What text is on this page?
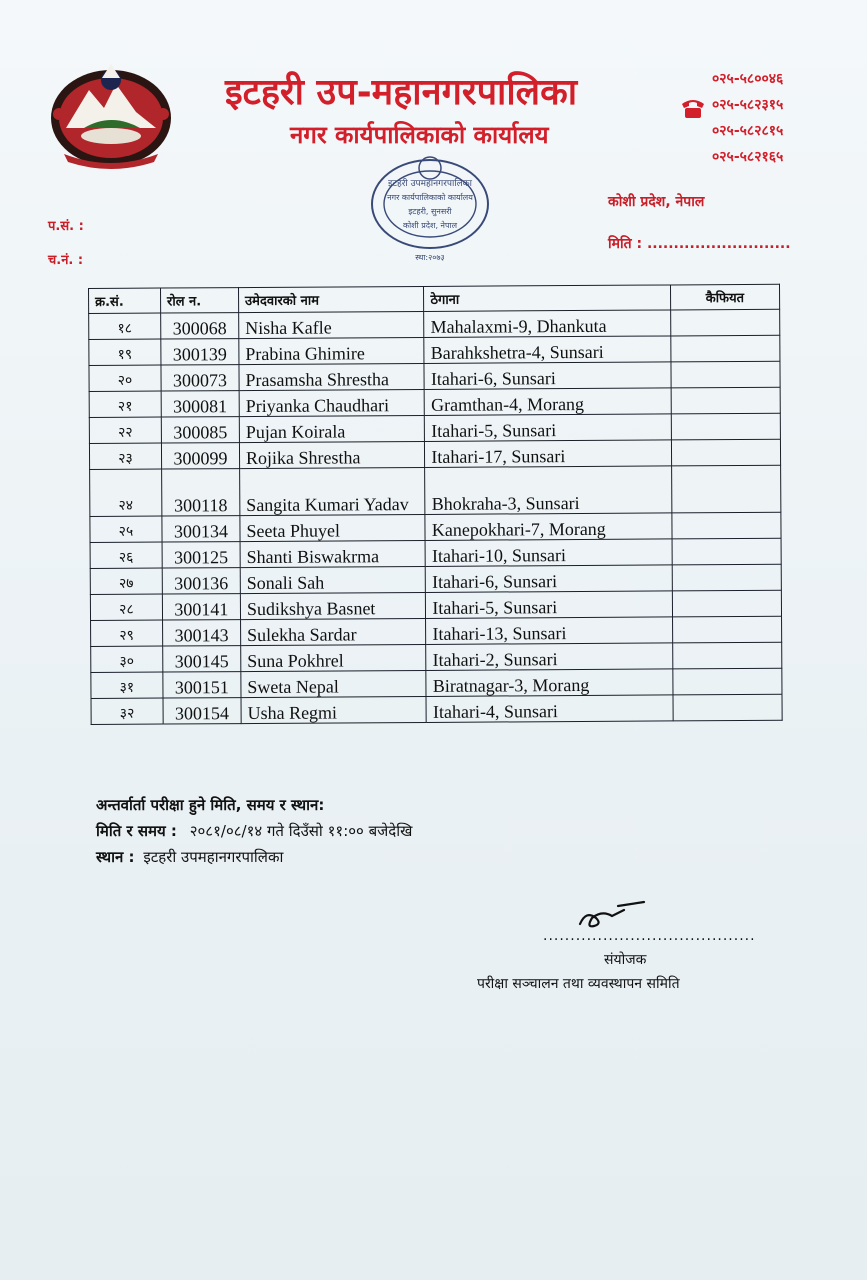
इटहरी उप-महानगरपालिका
नगर कार्यपालिकाको कार्यालय
०२५-५८००४६
०२५-५८२३१५
०२५-५८२८१५
०२५-५८२१६५
इटहरी उपमहानगरपालिका
नगर कार्यपालिकाको कार्यालय
इटहरी, सुनसरी
कोशी प्रदेश, नेपाल
स्था:२०७३
कोशी प्रदेश, नेपाल
मिति : ...........................
प.सं. :
च.नं. :
क्र.सं.	रोल न.	उमेदवारको नाम	ठेगाना	कैफियत
१८	300068	Nisha Kafle	Mahalaxmi-9, Dhankuta	
१९	300139	Prabina Ghimire	Barahkshetra-4, Sunsari	
२०	300073	Prasamsha Shrestha	Itahari-6, Sunsari	
२१	300081	Priyanka Chaudhari	Gramthan-4, Morang	
२२	300085	Pujan Koirala	Itahari-5, Sunsari	
२३	300099	Rojika Shrestha	Itahari-17, Sunsari	
२४	300118	Sangita Kumari Yadav	Bhokraha-3, Sunsari	
२५	300134	Seeta Phuyel	Kanepokhari-7, Morang	
२६	300125	Shanti Biswakrma	Itahari-10, Sunsari	
२७	300136	Sonali Sah	Itahari-6, Sunsari	
२८	300141	Sudikshya Basnet	Itahari-5, Sunsari	
२९	300143	Sulekha Sardar	Itahari-13, Sunsari	
३०	300145	Suna Pokhrel	Itahari-2, Sunsari	
३१	300151	Sweta Nepal	Biratnagar-3, Morang	
३२	300154	Usha Regmi	Itahari-4, Sunsari	
अन्तर्वार्ता परीक्षा हुने मिति, समय र स्थान:
मिति र समय : २०८१/०८/१४ गते दिउँसो ११:०० बजेदेखि
स्थान : इटहरी उपमहानगरपालिका
.......................................
संयोजक
परीक्षा सञ्चालन तथा व्यवस्थापन समिति
